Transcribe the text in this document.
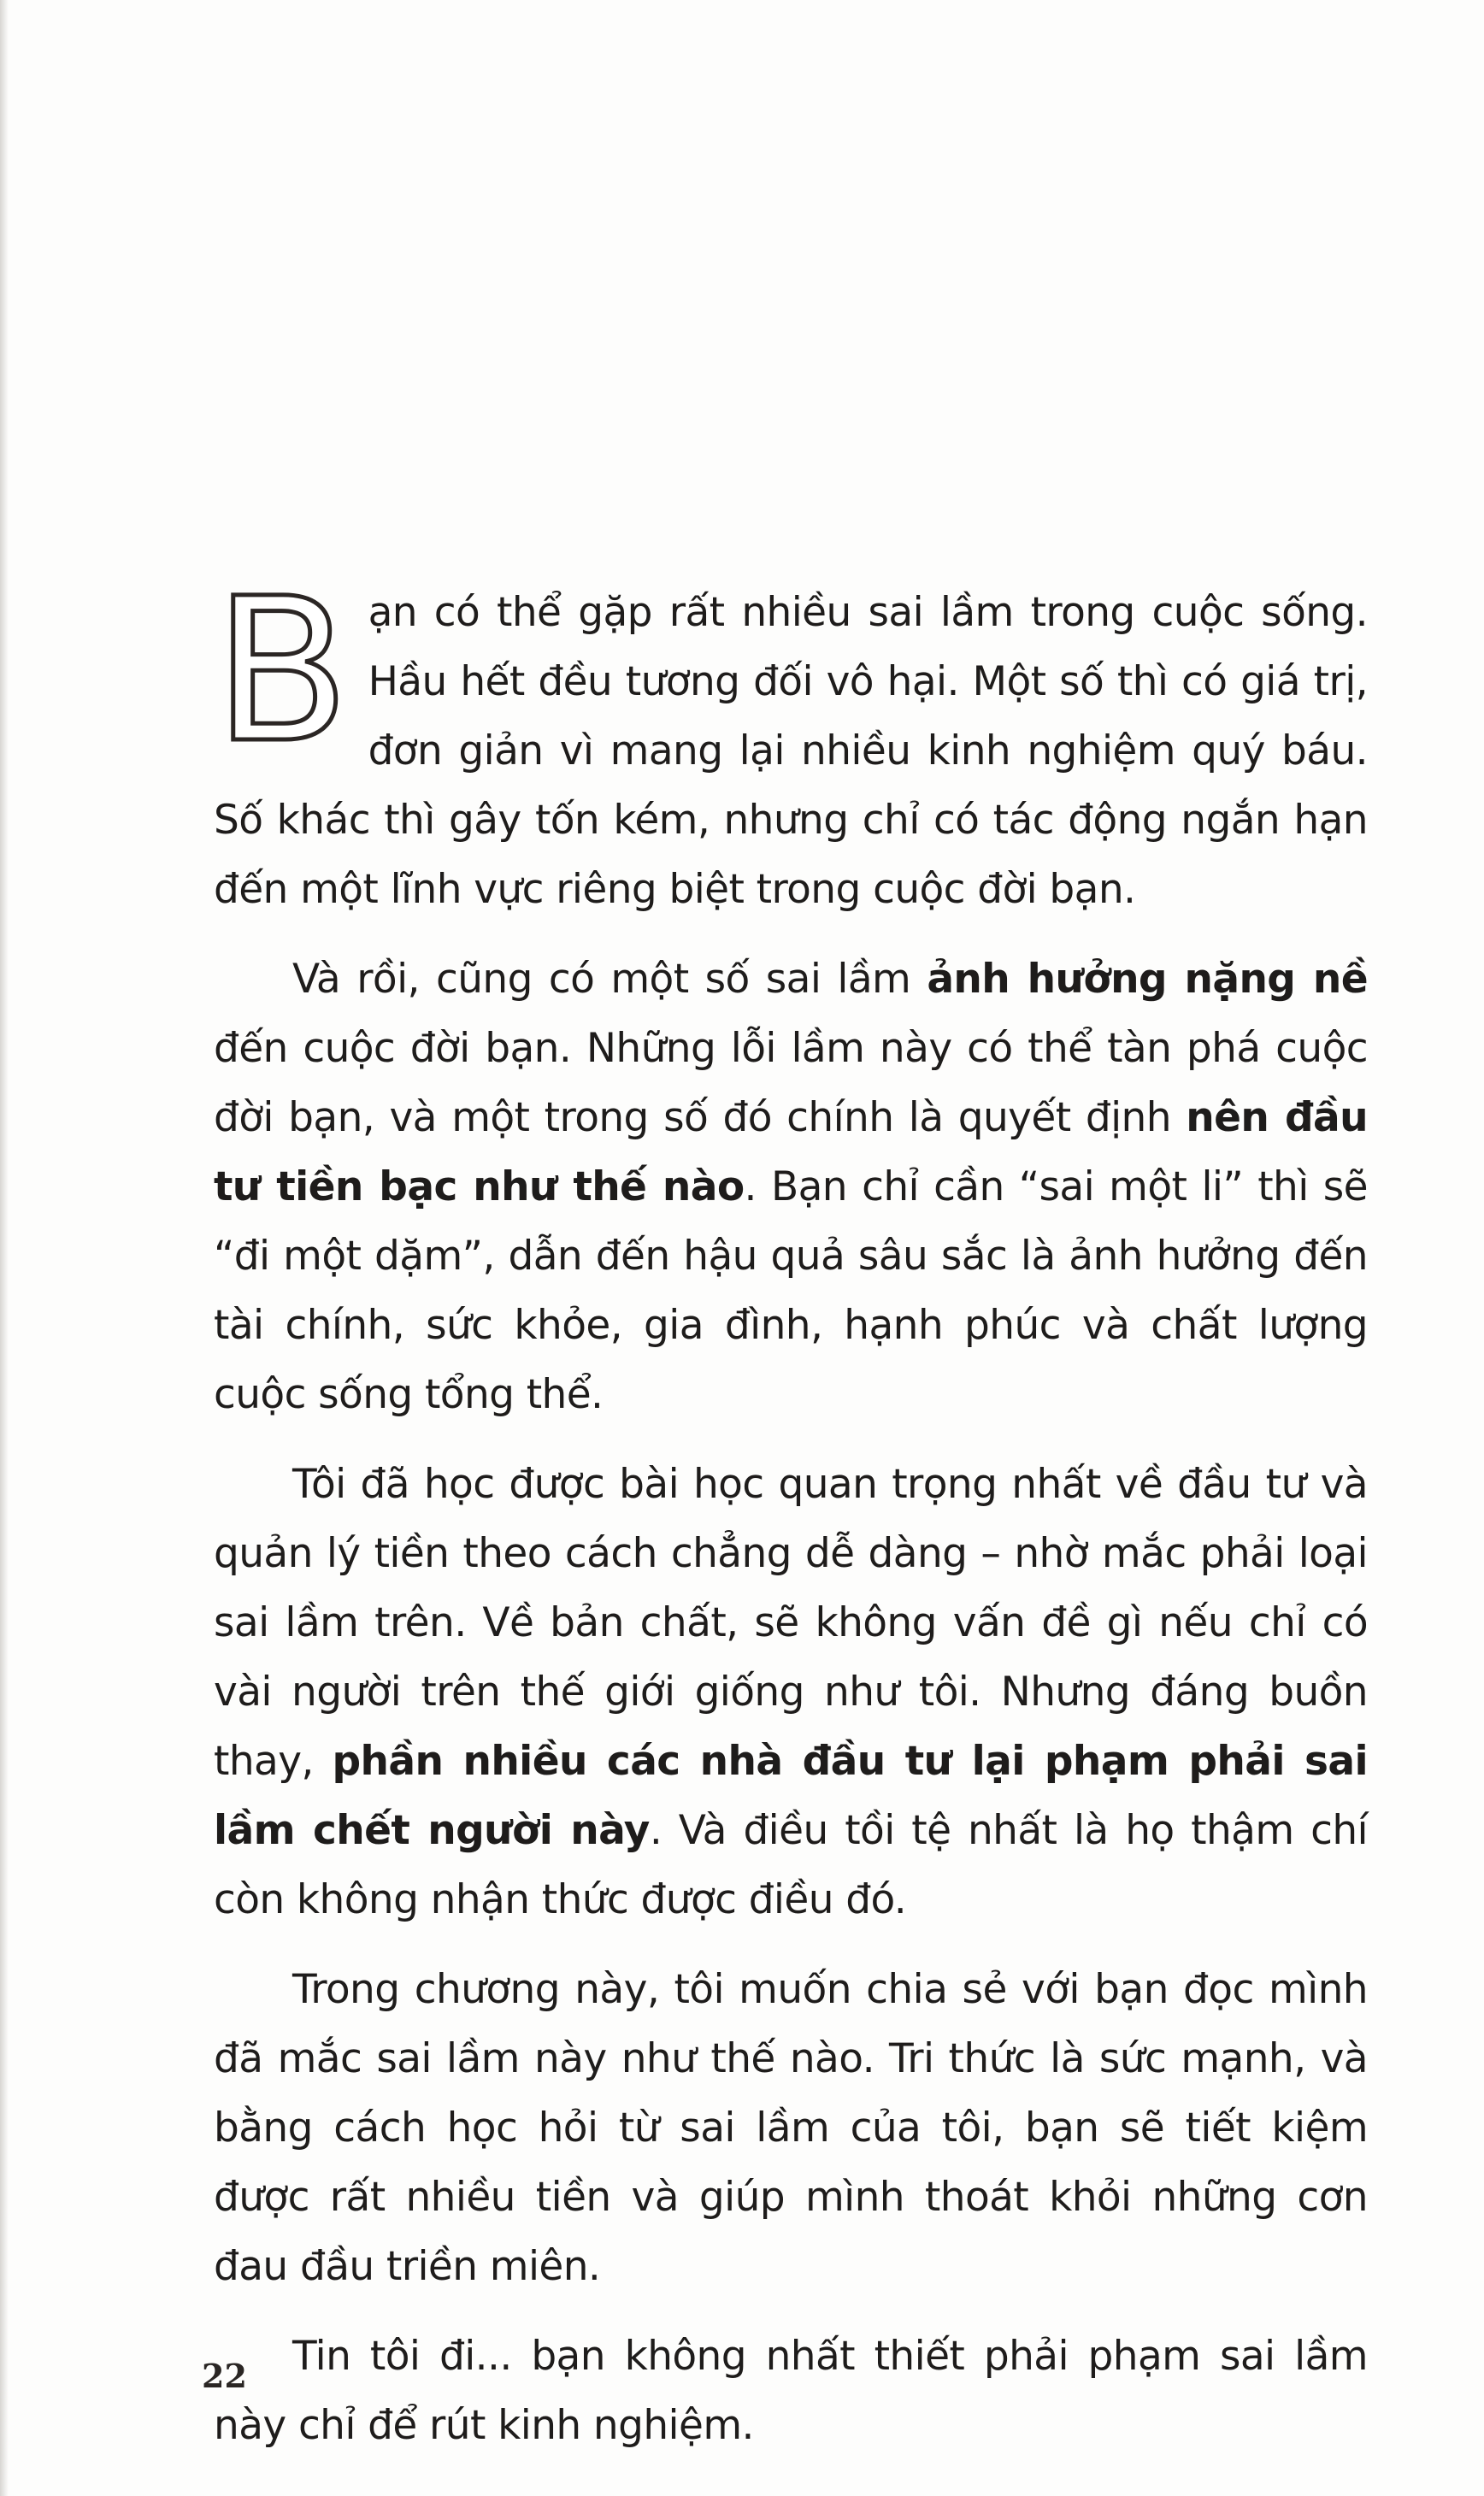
Bạn có thể gặp rất nhiều sai lầm trong cuộc sống. Hầu hết đều tương đối vô hại. Một số thì có giá trị, đơn giản vì mang lại nhiều kinh nghiệm quý báu. Số khác thì gây tốn kém, nhưng chỉ có tác động ngắn hạn đến một lĩnh vực riêng biệt trong cuộc đời bạn.

Và rồi, cũng có một số sai lầm ảnh hưởng nặng nề đến cuộc đời bạn. Những lỗi lầm này có thể tàn phá cuộc đời bạn, và một trong số đó chính là quyết định nên đầu tư tiền bạc như thế nào. Bạn chỉ cần “sai một li” thì sẽ “đi một dặm”, dẫn đến hậu quả sâu sắc là ảnh hưởng đến tài chính, sức khỏe, gia đình, hạnh phúc và chất lượng cuộc sống tổng thể.

Tôi đã học được bài học quan trọng nhất về đầu tư và quản lý tiền theo cách chẳng dễ dàng – nhờ mắc phải loại sai lầm trên. Về bản chất, sẽ không vấn đề gì nếu chỉ có vài người trên thế giới giống như tôi. Nhưng đáng buồn thay, phần nhiều các nhà đầu tư lại phạm phải sai lầm chết người này. Và điều tồi tệ nhất là họ thậm chí còn không nhận thức được điều đó.

Trong chương này, tôi muốn chia sẻ với bạn đọc mình đã mắc sai lầm này như thế nào. Tri thức là sức mạnh, và bằng cách học hỏi từ sai lầm của tôi, bạn sẽ tiết kiệm được rất nhiều tiền và giúp mình thoát khỏi những cơn đau đầu triền miên.

Tin tôi đi... bạn không nhất thiết phải phạm sai lầm này chỉ để rút kinh nghiệm.

22
